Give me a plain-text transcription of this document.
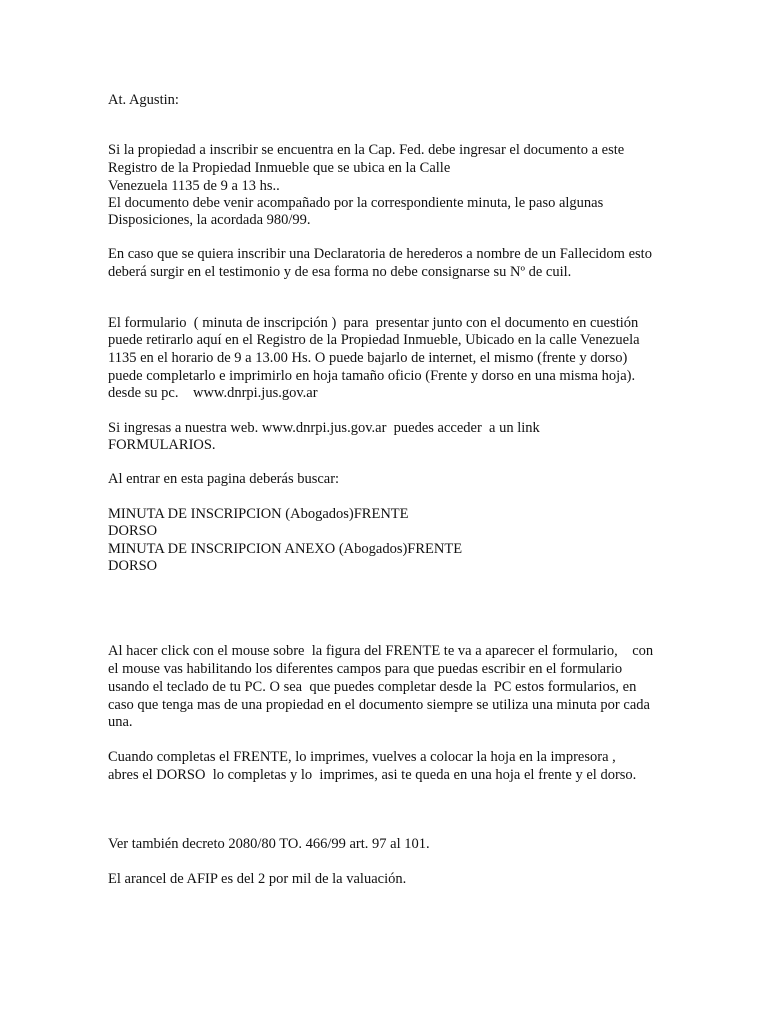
At. Agustin:

Si la propiedad a inscribir se encuentra en la Cap. Fed. debe ingresar el documento a este

Registro de la Propiedad Inmueble que se ubica en la Calle

Venezuela 1135 de 9 a 13 hs..

El documento debe venir acompañado por la correspondiente minuta, le paso algunas

Disposiciones, la acordada 980/99.

En caso que se quiera inscribir una Declaratoria de herederos a nombre de un Fallecidom esto

deberá surgir en el testimonio y de esa forma no debe consignarse su Nº de cuil.

El formulario  ( minuta de inscripción )  para  presentar junto con el documento en cuestión

puede retirarlo aquí en el Registro de la Propiedad Inmueble, Ubicado en la calle Venezuela

1135 en el horario de 9 a 13.00 Hs. O puede bajarlo de internet, el mismo (frente y dorso)

puede completarlo e imprimirlo en hoja tamaño oficio (Frente y dorso en una misma hoja).

desde su pc.    www.dnrpi.jus.gov.ar

Si ingresas a nuestra web. www.dnrpi.jus.gov.ar  puedes acceder  a un link

FORMULARIOS.

Al entrar en esta pagina deberás buscar:

MINUTA DE INSCRIPCION (Abogados)FRENTE

DORSO

MINUTA DE INSCRIPCION ANEXO (Abogados)FRENTE

DORSO

Al hacer click con el mouse sobre  la figura del FRENTE te va a aparecer el formulario,    con

el mouse vas habilitando los diferentes campos para que puedas escribir en el formulario

usando el teclado de tu PC. O sea  que puedes completar desde la  PC estos formularios, en

caso que tenga mas de una propiedad en el documento siempre se utiliza una minuta por cada

una.

Cuando completas el FRENTE, lo imprimes, vuelves a colocar la hoja en la impresora ,

abres el DORSO  lo completas y lo  imprimes, asi te queda en una hoja el frente y el dorso.

Ver también decreto 2080/80 TO. 466/99 art. 97 al 101.

El arancel de AFIP es del 2 por mil de la valuación.
